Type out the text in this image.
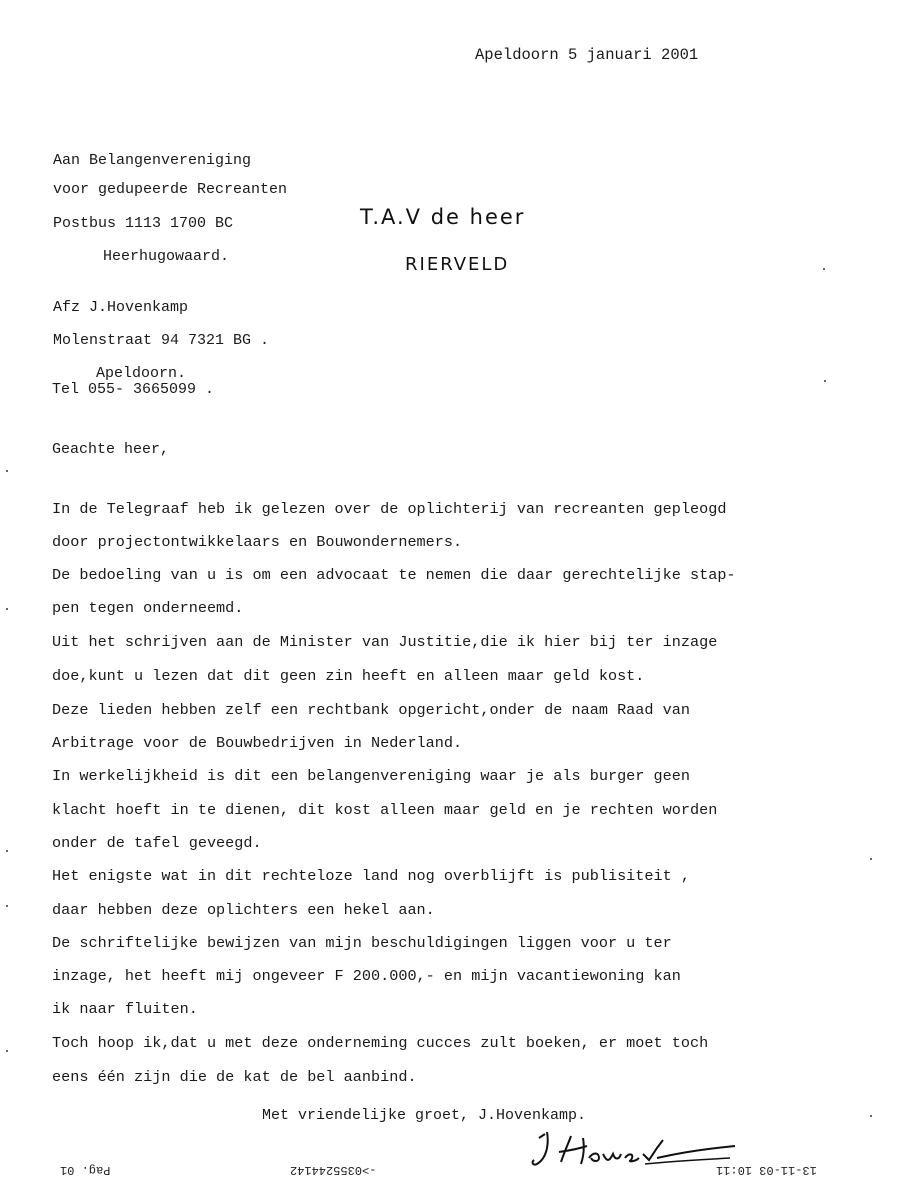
Apeldoorn 5 januari 2001
Aan Belangenvereniging
voor gedupeerde Recreanten
Postbus 1113 1700 BC
Heerhugowaard.
T.A.V de heer
RIERVELD
Afz J.Hovenkamp
Molenstraat 94 7321 BG .
Apeldoorn.
Tel 055- 3665099 .
Geachte heer,
In de Telegraaf heb ik gelezen over de oplichterij van recreanten gepleogd
door projectontwikkelaars en Bouwondernemers.
De bedoeling van u is om een advocaat te nemen die daar gerechtelijke stap-
pen tegen onderneemd.
Uit het schrijven aan de Minister van Justitie,die ik hier bij ter inzage
doe,kunt u lezen dat dit geen zin heeft en alleen maar geld kost.
Deze lieden hebben zelf een rechtbank opgericht,onder de naam Raad van
Arbitrage voor de Bouwbedrijven in Nederland.
In werkelijkheid is dit een belangenvereniging waar je als burger geen
klacht hoeft in te dienen, dit kost alleen maar geld en je rechten worden
onder de tafel geveegd.
Het enigste wat in dit rechteloze land nog overblijft is publisiteit ,
daar hebben deze oplichters een hekel aan.
De schriftelijke bewijzen van mijn beschuldigingen liggen voor u ter
inzage, het heeft mij ongeveer F 200.000,- en mijn vacantiewoning kan
ik naar fluiten.
Toch hoop ik,dat u met deze onderneming cucces zult boeken, er moet toch
eens één zijn die de kat de bel aanbind.
Met vriendelijke groet, J.Hovenkamp.
Pag. 01	->0355244142	13-11-03 10:11
